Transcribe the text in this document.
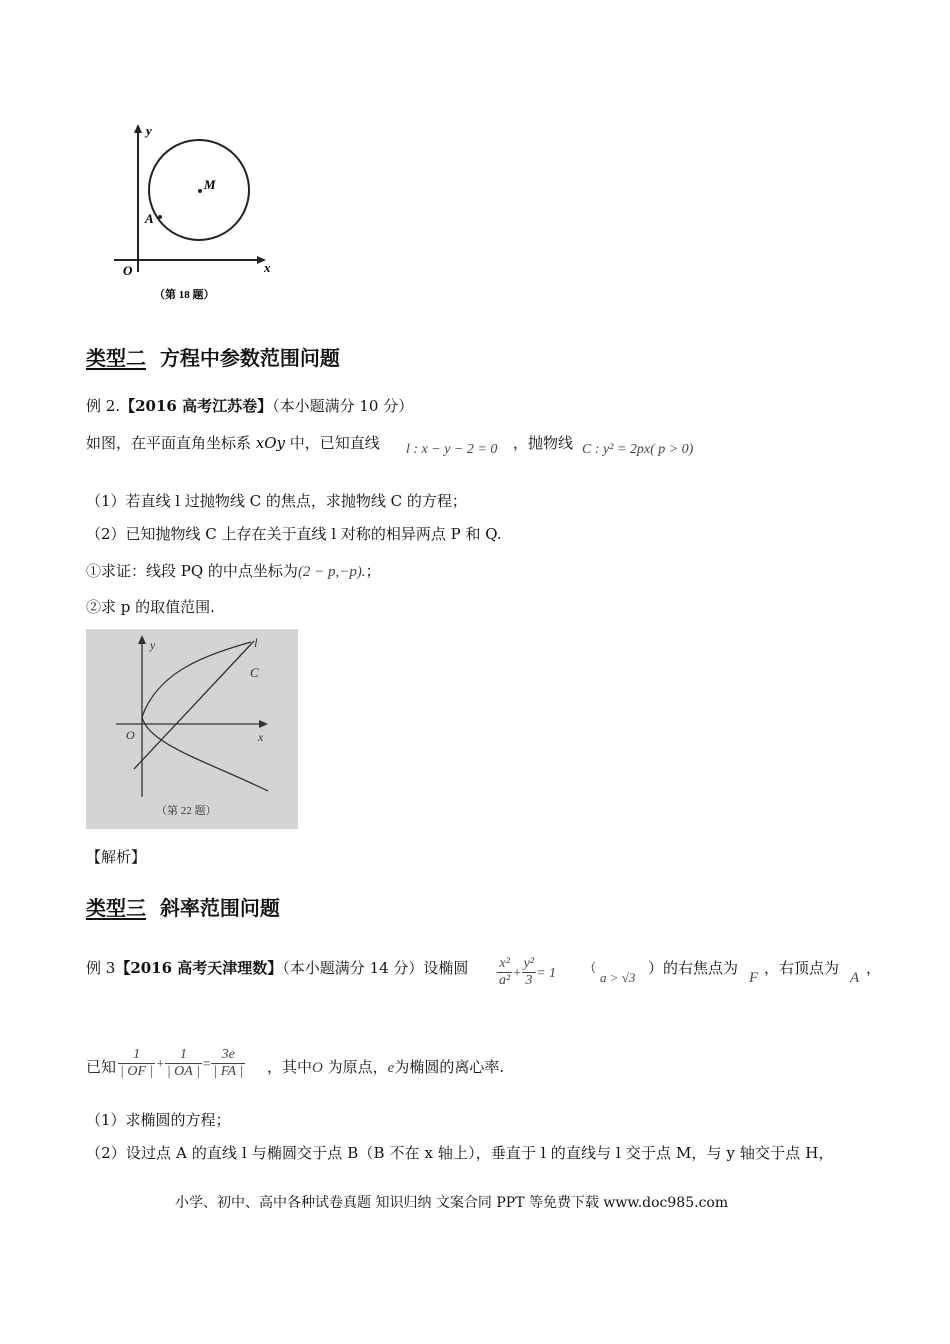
y
x
O
M
A
（第 18 题）
类型二 方程中参数范围问题
例 2.【2016 高考江苏卷】（本小题满分 10 分）
如图，在平面直角坐标系 xOy 中，已知直线 l : x − y − 2 = 0 ，抛物线 C : y² = 2px( p > 0)
（1）若直线 l 过抛物线 C 的焦点，求抛物线 C 的方程；
（2）已知抛物线 C 上存在关于直线 l 对称的相异两点 P 和 Q.
①求证：线段 PQ 的中点坐标为(2 − p,−p).；
②求 p 的取值范围.
y
x
O
l
C
（第 22 题）
【解析】
类型三 斜率范围问题
例 3【2016 高考天津理数】（本小题满分 14 分）设椭圆 $\frac{\text{x²}}{\text{a²}} + \frac{\text{y²}}{3} = 1$ （
a > √3
）的右焦点为
F
，右顶点为
A
，
已知 $\frac{1}{| OF |} + \frac{1}{| OA |} = \frac{3e}{| FA |}$ ，其中O 为原点，e为椭圆的离心率.
（1）求椭圆的方程；
（2）设过点 A 的直线 l 与椭圆交于点 B（B 不在 x 轴上），垂直于 l 的直线与 l 交于点 M，与 y 轴交于点 H，
小学、初中、高中各种试卷真题 知识归纳 文案合同 PPT 等免费下载 www.doc985.com
